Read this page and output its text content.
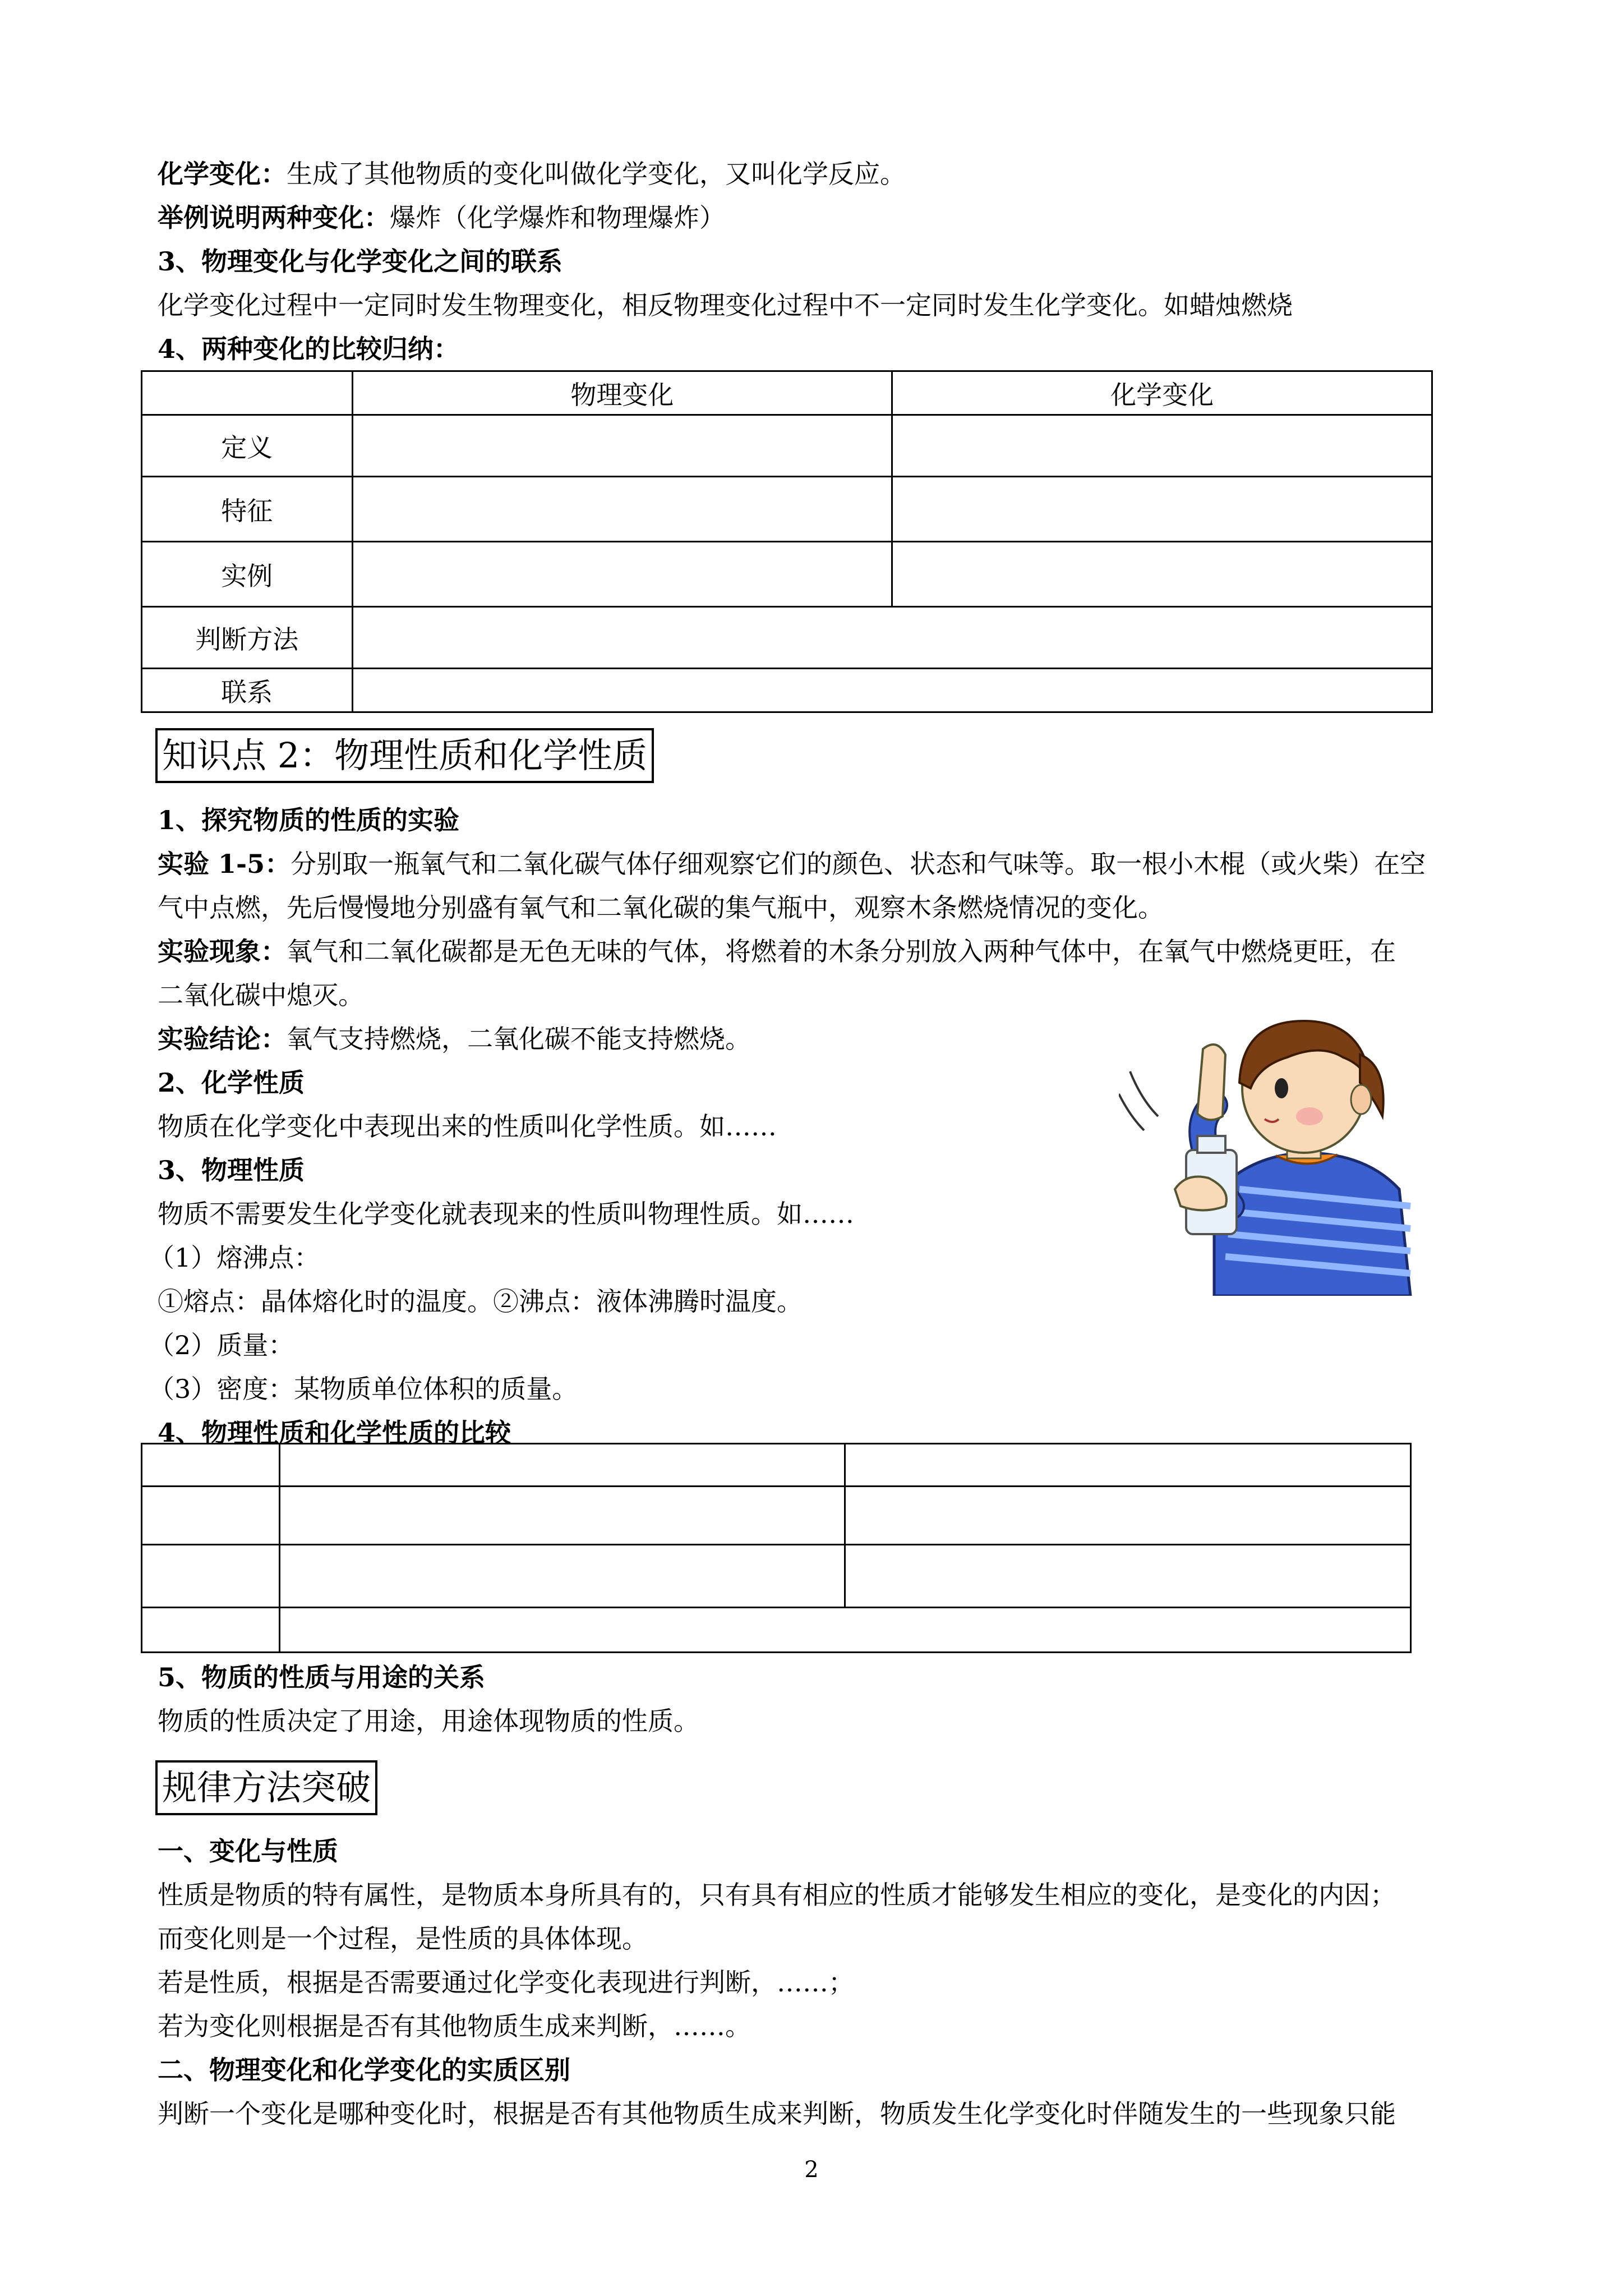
化学变化：生成了其他物质的变化叫做化学变化，又叫化学反应。

举例说明两种变化：爆炸（化学爆炸和物理爆炸）

3、物理变化与化学变化之间的联系

化学变化过程中一定同时发生物理变化，相反物理变化过程中不一定同时发生化学变化。如蜡烛燃烧

4、两种变化的比较归纳：

	物理变化	化学变化
定义		
特征		
实例		
判断方法		
联系		
知识点 2：物理性质和化学性质

1、探究物质的性质的实验

实验 1-5：分别取一瓶氧气和二氧化碳气体仔细观察它们的颜色、状态和气味等。取一根小木棍（或火柴）在空

气中点燃，先后慢慢地分别盛有氧气和二氧化碳的集气瓶中，观察木条燃烧情况的变化。

实验现象：氧气和二氧化碳都是无色无味的气体，将燃着的木条分别放入两种气体中，在氧气中燃烧更旺，在

二氧化碳中熄灭。

实验结论：氧气支持燃烧，二氧化碳不能支持燃烧。

2、化学性质

物质在化学变化中表现出来的性质叫化学性质。如……

3、物理性质

物质不需要发生化学变化就表现来的性质叫物理性质。如……

（1）熔沸点：

①熔点：晶体熔化时的温度。②沸点：液体沸腾时温度。

（2）质量：

（3）密度：某物质单位体积的质量。

4、物理性质和化学性质的比较

5、物质的性质与用途的关系

物质的性质决定了用途，用途体现物质的性质。

规律方法突破

一、变化与性质

性质是物质的特有属性，是物质本身所具有的，只有具有相应的性质才能够发生相应的变化，是变化的内因；

而变化则是一个过程，是性质的具体体现。

若是性质，根据是否需要通过化学变化表现进行判断，……；

若为变化则根据是否有其他物质生成来判断，……。

二、物理变化和化学变化的实质区别

判断一个变化是哪种变化时，根据是否有其他物质生成来判断，物质发生化学变化时伴随发生的一些现象只能

2
